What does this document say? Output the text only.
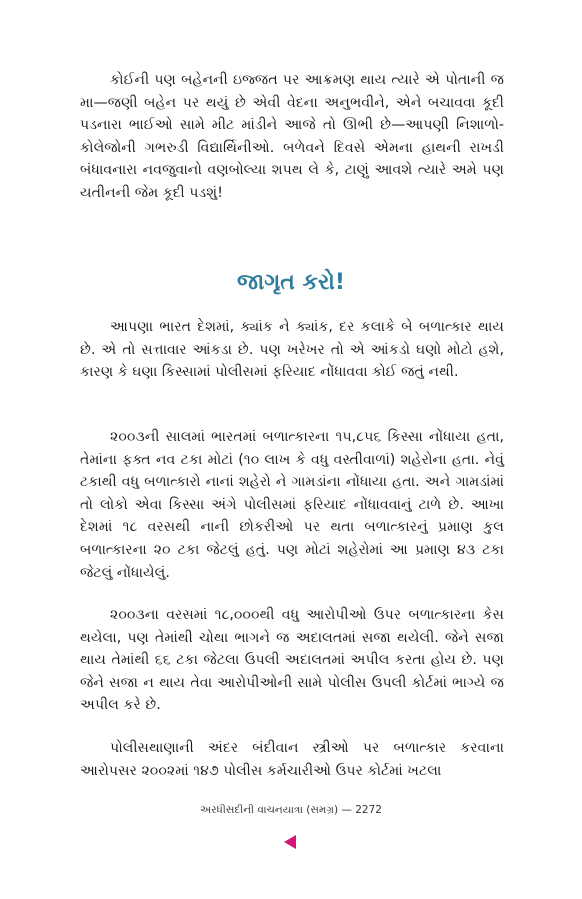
કોઈની પણ બહેનની ઇજ્જત પર આક્રમણ થાય ત્યારે એ પોતાની જ મા—જણી બહેન પર થયું છે એવી વેદના અનુભવીને, એને બચાવવા કૂદી પડનારા ભાઈઓ સામે મીટ માંડીને આજે તો ઊભી છે—આપણી નિશાળો-કોલેજોની ગભરુડી વિદ્યાર્થિનીઓ. બળેવને દિવસે એમના હાથની રાખડી બંધાવનારા નવજુવાનો વણબોલ્યા શપથ લે કે, ટાણું આવશે ત્યારે અમે પણ યતીનની જેમ કૂદી પડશું!

જાગૃત કરો!

આપણા ભારત દેશમાં, ક્યાંક ને ક્યાંક, દર કલાકે બે બળાત્કાર થાય છે. એ તો સત્તાવાર આંકડા છે. પણ ખરેખર તો એ આંકડો ઘણો મોટો હશે, કારણ કે ઘણા કિસ્સામાં પોલીસમાં ફરિયાદ નોંધાવવા કોઈ જતું નથી.

૨૦૦૩ની સાલમાં ભારતમાં બળાત્કારના ૧૫,૮૫૬ કિસ્સા નોંધાયા હતા, તેમાંના ફક્ત નવ ટકા મોટાં (૧૦ લાખ કે વધુ વસ્તીવાળાં) શહેરોના હતા. નેવું ટકાથી વધુ બળાત્કારો નાનાં શહેરો ને ગામડાંના નોંધાયા હતા. અને ગામડાંમાં તો લોકો એવા કિસ્સા અંગે પોલીસમાં ફરિયાદ નોંધાવવાનું ટાળે છે. આખા દેશમાં ૧૮ વરસથી નાની છોકરીઓ પર થતા બળાત્કારનું પ્રમાણ કુલ બળાત્કારના ૨૦ ટકા જેટલું હતું. પણ મોટાં શહેરોમાં આ પ્રમાણ ૪૩ ટકા જેટલું નોંધાયેલું.

૨૦૦૩ના વરસમાં ૧૮,૦૦૦થી વધુ આરોપીઓ ઉપર બળાત્કારના કેસ થયેલા, પણ તેમાંથી ચોથા ભાગને જ અદાલતમાં સજા થયેલી. જેને સજા થાય તેમાંથી ૬૬ ટકા જેટલા ઉપલી અદાલતમાં અપીલ કરતા હોય છે. પણ જેને સજા ન થાય તેવા આરોપીઓની સામે પોલીસ ઉપલી કોર્ટમાં ભાગ્યે જ અપીલ કરે છે.

પોલીસથાણાની અંદર બંદીવાન સ્ત્રીઓ પર બળાત્કાર કરવાના આરોપસર ૨૦૦૨માં ૧૪૭ પોલીસ કર્મચારીઓ ઉપર કોર્ટમાં ખટલા

અરધીસદીની વાચનયાત્રા (સમગ્ર) — 2272
